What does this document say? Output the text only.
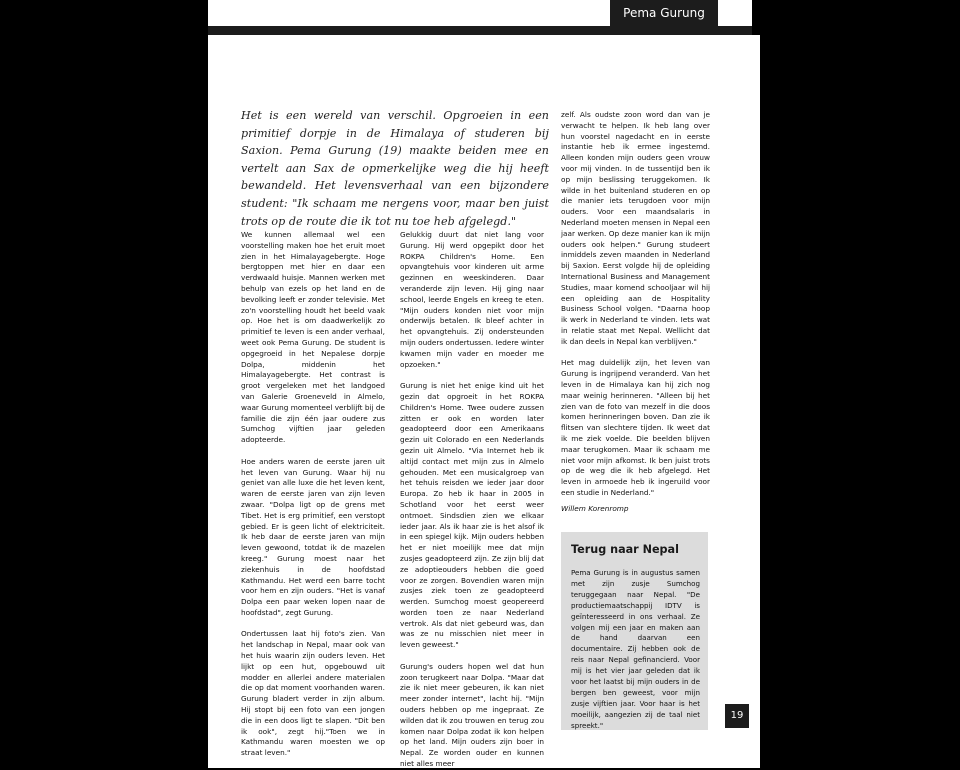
Pema Gurung

Het is een wereld van verschil. Opgroeien in een primitief dorpje in de Himalaya of studeren bij Saxion. Pema Gurung (19) maakte beiden mee en vertelt aan Sax de opmerkelijke weg die hij heeft bewandeld. Het levensverhaal van een bijzondere student: "Ik schaam me nergens voor, maar ben juist trots op de route die ik tot nu toe heb afgelegd."

We kunnen allemaal wel een voorstelling maken hoe het eruit moet zien in het Himalayagebergte. Hoge bergtoppen met hier en daar een verdwaald huisje. Mannen werken met behulp van ezels op het land en de bevolking leeft er zonder televisie. Met zo'n voorstelling houdt het beeld vaak op. Hoe het is om daadwerkelijk zo primitief te leven is een ander verhaal, weet ook Pema Gurung. De student is opgegroeid in het Nepalese dorpje Dolpa, middenin het Himalayagebergte. Het contrast is groot vergeleken met het landgoed van Galerie Groeneveld in Almelo, waar Gurung momenteel verblijft bij de familie die zijn één jaar oudere zus Sumchog vijftien jaar geleden adopteerde.

Hoe anders waren de eerste jaren uit het leven van Gurung. Waar hij nu geniet van alle luxe die het leven kent, waren de eerste jaren van zijn leven zwaar. "Dolpa ligt op de grens met Tibet. Het is erg primitief, een verstopt gebied. Er is geen licht of elektriciteit. Ik heb daar de eerste jaren van mijn leven gewoond, totdat ik de mazelen kreeg." Gurung moest naar het ziekenhuis in de hoofdstad Kathmandu. Het werd een barre tocht voor hem en zijn ouders. "Het is vanaf Dolpa een paar weken lopen naar de hoofdstad", zegt Gurung.

Ondertussen laat hij foto's zien. Van het landschap in Nepal, maar ook van het huis waarin zijn ouders leven. Het lijkt op een hut, opgebouwd uit modder en allerlei andere materialen die op dat moment voorhanden waren. Gurung bladert verder in zijn album. Hij stopt bij een foto van een jongen die in een doos ligt te slapen. "Dit ben ik ook", zegt hij."Toen we in Kathmandu waren moesten we op straat leven."

Gelukkig duurt dat niet lang voor Gurung. Hij werd opgepikt door het ROKPA Children's Home. Een opvangtehuis voor kinderen uit arme gezinnen en weeskinderen. Daar veranderde zijn leven. Hij ging naar school, leerde Engels en kreeg te eten. "Mijn ouders konden niet voor mijn onderwijs betalen. Ik bleef achter in het opvangtehuis. Zij ondersteunden mijn ouders ondertussen. Iedere winter kwamen mijn vader en moeder me opzoeken."

Gurung is niet het enige kind uit het gezin dat opgroeit in het ROKPA Children's Home. Twee oudere zussen zitten er ook en worden later geadopteerd door een Amerikaans gezin uit Colorado en een Nederlands gezin uit Almelo. "Via Internet heb ik altijd contact met mijn zus in Almelo gehouden. Met een musicalgroep van het tehuis reisden we ieder jaar door Europa. Zo heb ik haar in 2005 in Schotland voor het eerst weer ontmoet. Sindsdien zien we elkaar ieder jaar. Als ik haar zie is het alsof ik in een spiegel kijk. Mijn ouders hebben het er niet moeilijk mee dat mijn zusjes geadopteerd zijn. Ze zijn blij dat ze adoptieouders hebben die goed voor ze zorgen. Bovendien waren mijn zusjes ziek toen ze geadopteerd werden. Sumchog moest geopereerd worden toen ze naar Nederland vertrok. Als dat niet gebeurd was, dan was ze nu misschien niet meer in leven geweest."

Gurung's ouders hopen wel dat hun zoon terugkeert naar Dolpa. "Maar dat zie ik niet meer gebeuren, ik kan niet meer zonder internet", lacht hij. "Mijn ouders hebben op me ingepraat. Ze wilden dat ik zou trouwen en terug zou komen naar Dolpa zodat ik kon helpen op het land. Mijn ouders zijn boer in Nepal. Ze worden ouder en kunnen niet alles meer

zelf. Als oudste zoon word dan van je verwacht te helpen. Ik heb lang over hun voorstel nagedacht en in eerste instantie heb ik ermee ingestemd. Alleen konden mijn ouders geen vrouw voor mij vinden. In de tussentijd ben ik op mijn beslissing teruggekomen. Ik wilde in het buitenland studeren en op die manier iets terugdoen voor mijn ouders. Voor een maandsalaris in Nederland moeten mensen in Nepal een jaar werken. Op deze manier kan ik mijn ouders ook helpen." Gurung studeert inmiddels zeven maanden in Nederland bij Saxion. Eerst volgde hij de opleiding International Business and Management Studies, maar komend schooljaar wil hij een opleiding aan de Hospitality Business School volgen. "Daarna hoop ik werk in Nederland te vinden. Iets wat in relatie staat met Nepal. Wellicht dat ik dan deels in Nepal kan verblijven."

Het mag duidelijk zijn, het leven van Gurung is ingrijpend veranderd. Van het leven in de Himalaya kan hij zich nog maar weinig herinneren. "Alleen bij het zien van de foto van mezelf in die doos komen herinneringen boven. Dan zie ik flitsen van slechtere tijden. Ik weet dat ik me ziek voelde. Die beelden blijven maar terugkomen. Maar ik schaam me niet voor mijn afkomst. Ik ben juist trots op de weg die ik heb afgelegd. Het leven in armoede heb ik ingeruild voor een studie in Nederland."

Willem Korenromp
Terug naar Nepal
Pema Gurung is in augustus samen met zijn zusje Sumchog teruggegaan naar Nepal. "De productiemaatschappij IDTV is geïnteresseerd in ons verhaal. Ze volgen mij een jaar en maken aan de hand daarvan een documentaire. Zij hebben ook de reis naar Nepal gefinancierd. Voor mij is het vier jaar geleden dat ik voor het laatst bij mijn ouders in de bergen ben geweest, voor mijn zusje vijftien jaar. Voor haar is het moeilijk, aangezien zij de taal niet spreekt."
19
